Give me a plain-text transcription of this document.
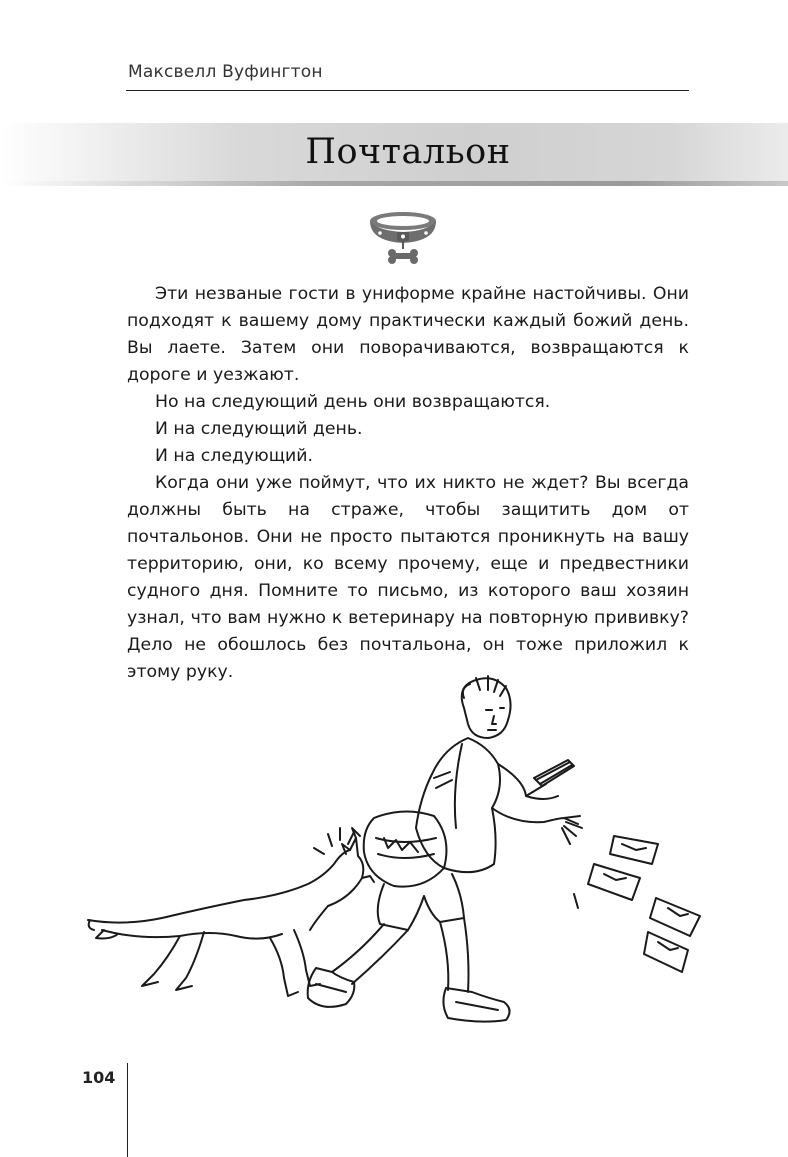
Максвелл Вуфингтон
Почтальон

Эти незваные гости в униформе крайне настойчивы. Они подходят к вашему дому практически каждый божий день. Вы лаете. Затем они поворачиваются, возвращаются к дороге и уезжают.

Но на следующий день они возвращаются.

И на следующий день.

И на следующий.

Когда они уже поймут, что их никто не ждет? Вы всегда должны быть на страже, чтобы защитить дом от почтальонов. Они не просто пытаются проникнуть на вашу территорию, они, ко всему прочему, еще и предвестники судного дня. Помните то письмо, из которого ваш хозяин узнал, что вам нужно к ветеринару на повторную прививку? Дело не обошлось без почтальона, он тоже приложил к этому руку.

104
